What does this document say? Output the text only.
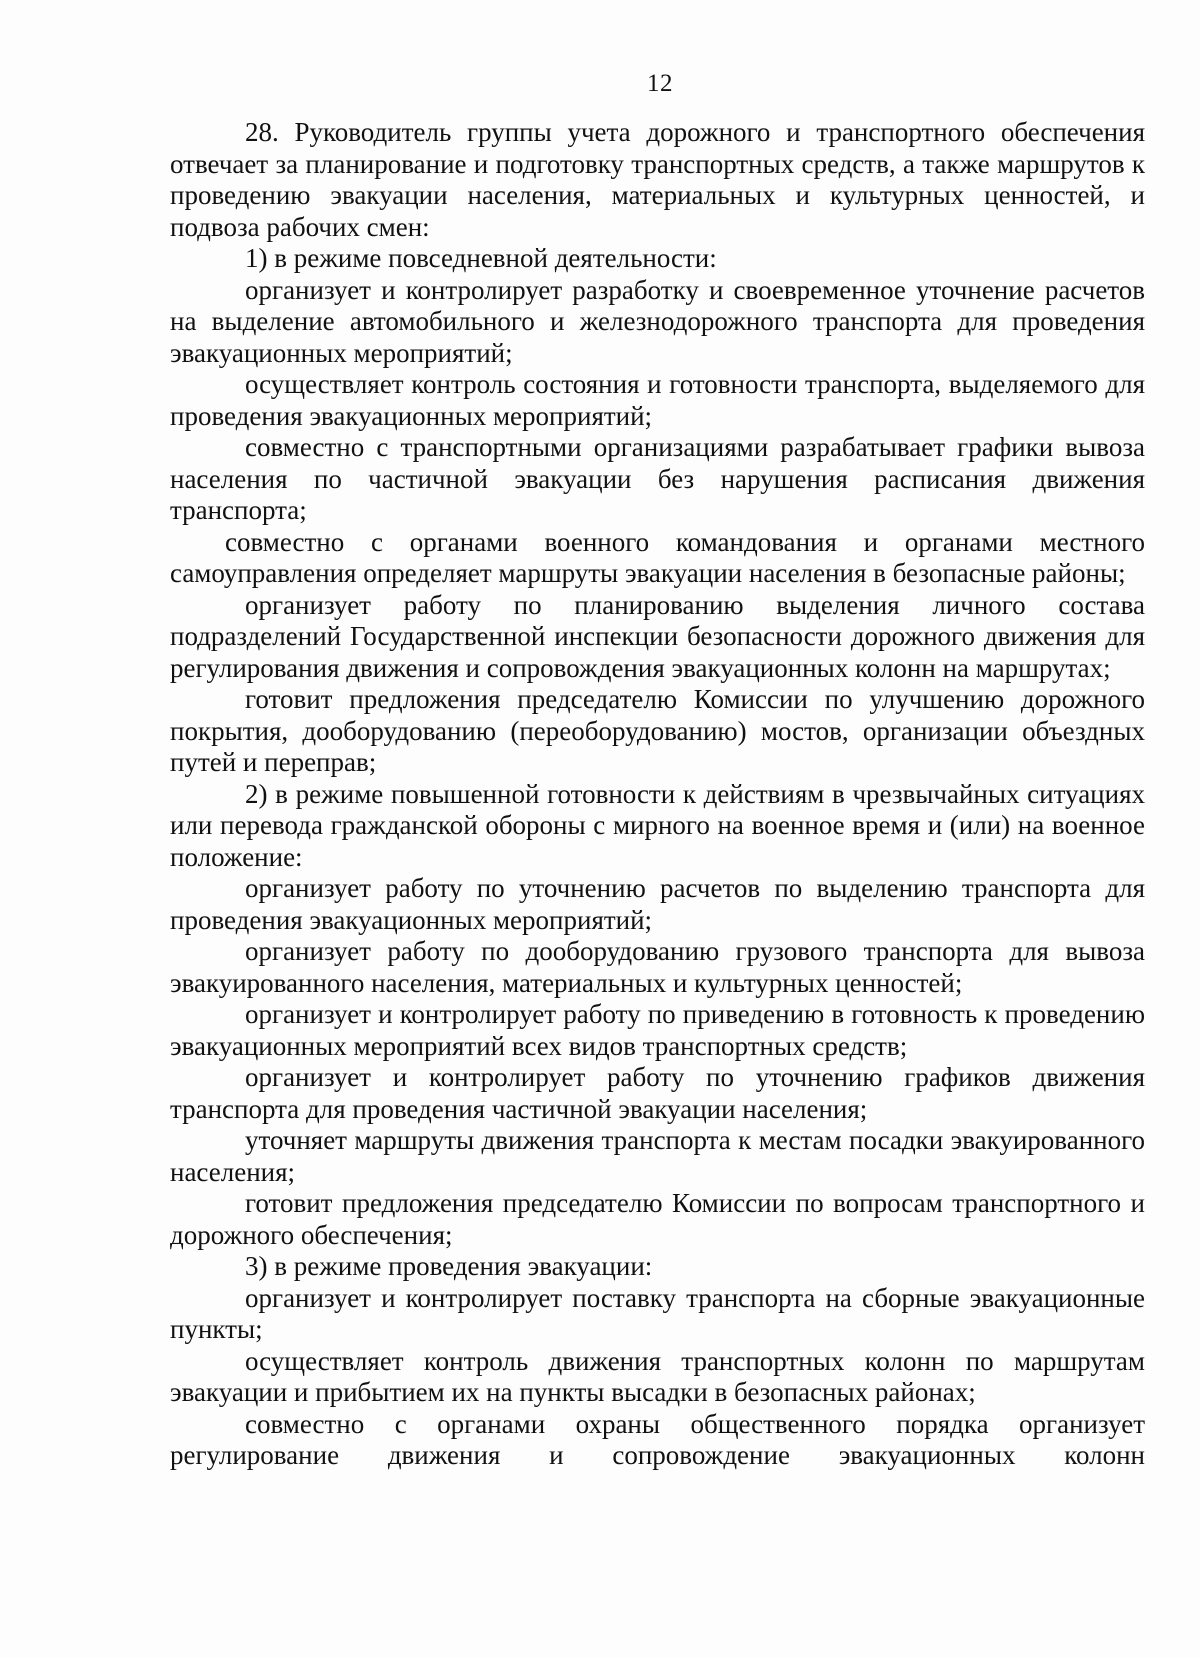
12

28. Руководитель группы учета дорожного и транспортного обеспечения отвечает за планирование и подготовку транспортных средств, а также маршрутов к проведению эвакуации населения, материальных и культурных ценностей, и подвоза рабочих смен:

1) в режиме повседневной деятельности:

организует и контролирует разработку и своевременное уточнение расчетов на выделение автомобильного и железнодорожного транспорта для проведения эвакуационных мероприятий;

осуществляет контроль состояния и готовности транспорта, выделяемого для проведения эвакуационных мероприятий;

совместно с транспортными организациями разрабатывает графики вывоза населения по частичной эвакуации без нарушения расписания движения транспорта;

совместно с органами военного командования и органами местного самоуправления определяет маршруты эвакуации населения в безопасные районы;

организует работу по планированию выделения личного состава подразделений Государственной инспекции безопасности дорожного движения для регулирования движения и сопровождения эвакуационных колонн на маршрутах;

готовит предложения председателю Комиссии по улучшению дорожного покрытия, дооборудованию (переоборудованию) мостов, организации объездных путей и переправ;

2) в режиме повышенной готовности к действиям в чрезвычайных ситуациях или перевода гражданской обороны с мирного на военное время и (или) на военное положение:

организует работу по уточнению расчетов по выделению транспорта для проведения эвакуационных мероприятий;

организует работу по дооборудованию грузового транспорта для вывоза эвакуированного населения, материальных и культурных ценностей;

организует и контролирует работу по приведению в готовность к проведению эвакуационных мероприятий всех видов транспортных средств;

организует и контролирует работу по уточнению графиков движения транспорта для проведения частичной эвакуации населения;

уточняет маршруты движения транспорта к местам посадки эвакуированного населения;

готовит предложения председателю Комиссии по вопросам транспортного и дорожного обеспечения;

3) в режиме проведения эвакуации:

организует и контролирует поставку транспорта на сборные эвакуационные пункты;

осуществляет контроль движения транспортных колонн по маршрутам эвакуации и прибытием их на пункты высадки в безопасных районах;

совместно с органами охраны общественного порядка организует регулирование движения и сопровождение эвакуационных колонн
